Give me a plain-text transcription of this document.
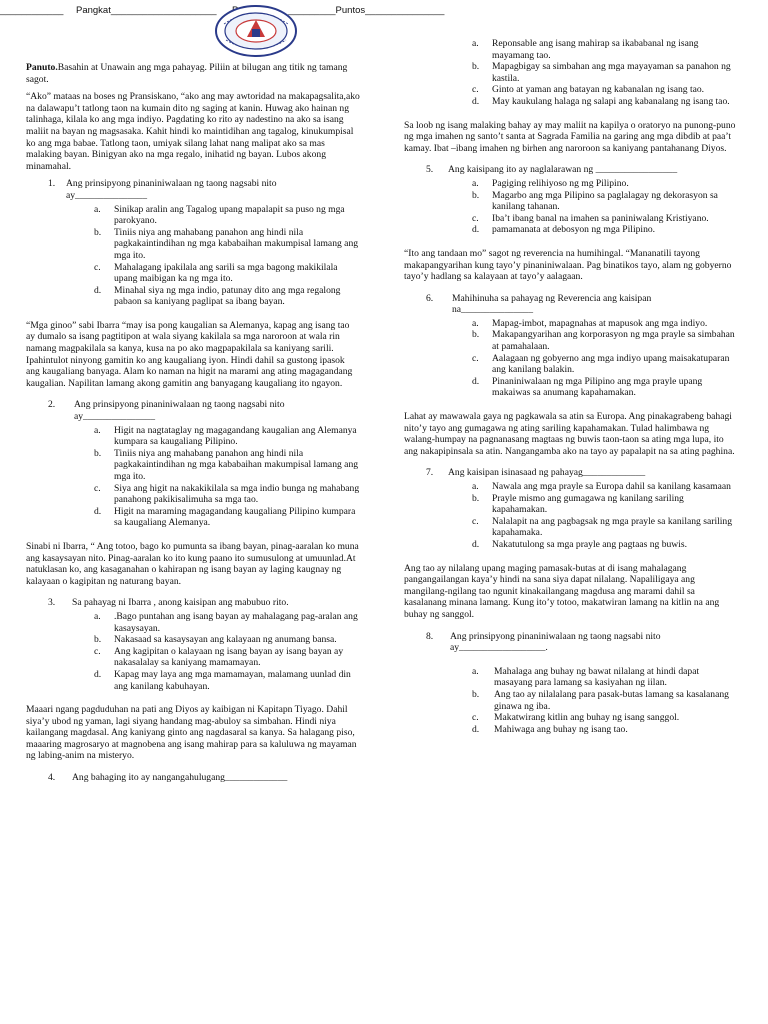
____________ Pangkat____________________	_________Puntos_______________

Panuto.Basahin at Unawain ang mga pahayag. Piliin at bilugan ang titik ng tamang sagot.

“Ako” mataas na boses ng Pransiskano, “ako ang may awtoridad na makapagsalita,ako na dalawapu’t tatlong taon na kumain dito ng saging at kanin. Huwag ako hainan ng talinhaga, kilala ko ang mga indiyo. Pagdating ko rito ay nadestino na ako sa isang maliit na bayan ng magsasaka. Kahit hindi ko maintidihan ang tagalog, kinukumpisal ko ang mga babae. Tatlong taon, umiyak silang lahat nang malipat ako sa mas malaking bayan. Binigyan ako na mga regalo, inihatid ng bayan. Lubos akong minamahal.

1. Ang prinsipyong pinaniniwalaan ng taong nagsabi nito ay_______________

a. Sinikap aralin ang Tagalog upang mapalapit sa puso ng mga parokyano.
b. Tiniis niya ang mahabang panahon ang hindi nila pagkakaintindihan ng mga kababaihan makumpisal lamang ang mga ito.
c. Mahalagang ipakilala ang sarili sa mga bagong makikilala upang maibigan ka ng mga ito.
d. Minahal siya ng mga indio, patunay dito ang mga regalong pabaon sa kaniyang paglipat sa ibang bayan.

“Mga ginoo” sabi Ibarra “may isa pong kaugalian sa Alemanya, kapag ang isang tao ay dumalo sa isang pagtitipon at wala siyang kakilala sa mga naroroon at wala rin namang magpakilala sa kanya, kusa na po ako magpapakilala sa kaniyang sarili. Ipahintulot ninyong gamitin ko ang kaugaliang iyon. Hindi dahil sa gustong ipasok ang kaugaliang banyaga. Alam ko naman na higit na marami ang ating magagandang kaugalian. Napilitan lamang akong gamitin ang banyagang kaugaliang ito ngayon.

2. Ang prinsipyong pinaniniwalaan ng taong nagsabi nito ay_______________

a. Higit na nagtataglay ng magagandang kaugalian ang Alemanya kumpara sa kaugaliang Pilipino.
b. Tiniis niya ang mahabang panahon ang hindi nila pagkakaintindihan ng mga kababaihan makumpisal lamang ang mga ito.
c. Siya ang higit na nakakikilala sa mga indio bunga ng mahabang panahong pakikisalimuha sa mga tao.
d. Higit na maraming magagandang kaugaliang Pilipino kumpara sa kaugaliang Alemanya.

Sinabi ni Ibarra, “ Ang totoo, bago ko pumunta sa ibang bayan, pinag-aaralan ko muna ang kasaysayan nito. Pinag-aaralan ko ito kung paano ito sumusulong at umuunlad.At natuklasan ko, ang kasaganahan o kahirapan ng isang bayan ay laging kaugnay ng kalayaan o kagipitan ng naturang bayan.

3. Sa pahayag ni Ibarra , anong kaisipan ang mabubuo rito.

a. .Bago puntahan ang isang bayan ay mahalagang pag-aralan ang kasaysayan.
b. Nakasaad sa kasaysayan ang kalayaan ng anumang bansa.
c. Ang kagipitan o kalayaan ng isang bayan ay isang bayan ay nakasalalay sa kaniyang mamamayan.
d. Kapag may laya ang mga mamamayan, malamang uunlad din ang kanilang kabuhayan.

Maaari ngang pagduduhan na pati ang Diyos ay kaibigan ni Kapitapn Tiyago. Dahil siya’y ubod ng yaman, lagi siyang handang mag-abuloy sa simbahan. Hindi niya kailangang magdasal. Ang kaniyang ginto ang nagdasaral sa kanya. Sa halagang piso, maaaring magrosaryo at magnobena ang isang mahirap para sa kaluluwa ng mayaman ng labing-anim na misteryo.

4. Ang bahaging ito ay nangangahulugang_____________

a. Reponsable ang isang mahirap sa ikababanal ng isang mayamang tao.
b. Mapagbigay sa simbahan ang mga mayayaman sa panahon ng kastila.
c. Ginto at yaman ang batayan ng kabanalan ng isang tao.
d. May kaukulang halaga ng salapi ang kabanalang ng isang tao.

Sa loob ng isang malaking bahay ay may maliit na kapilya o oratoryo na punong-puno ng mga imahen ng santo’t santa at Sagrada Familia na garing ang mga dibdib at paa’t kamay. Ibat –ibang imahen ng birhen ang naroroon sa kaniyang pantahanang Diyos.

5. Ang kaisipang ito ay naglalarawan ng _________________

a. Pagiging relihiyoso ng mg Pilipino.
b. Magarbo ang mga Pilipino sa paglalagay ng dekorasyon sa kanilang tahanan.
c. Iba’t ibang banal na imahen sa paniniwalang Kristiyano.
d. pamamanata at debosyon ng mga Pilipino.

“Ito ang tandaan mo” sagot ng reverencia na humihingal. “Mananatili tayong makapangyarihan kung tayo’y pinaniniwalaan. Pag binatikos tayo, alam ng gobyerno tayo’y hadlang sa kalayaan at tayo’y aalagaan.

6. Mahihinuha sa pahayag ng Reverencia ang kaisipan na_______________

a. Mapag-imbot, mapagnahas at mapusok ang mga indiyo.
b. Makapangyarihan ang korporasyon ng mga prayle sa simbahan at pamahalaan.
c. Aalagaan ng gobyerno ang mga indiyo upang maisakatuparan ang kanilang balakin.
d. Pinaniniwalaan ng mga Pilipino ang mga prayle upang makaiwas sa anumang kapahamakan.

Lahat ay mawawala gaya ng pagkawala sa atin sa Europa. Ang pinakagrabeng bahagi nito’y tayo ang gumagawa ng ating sariling kapahamakan. Tulad halimbawa ng walang-humpay na pagnanasang magtaas ng buwis taon-taon sa ating mga lupa, ito ang nakapipinsala sa atin. Nangangamba ako na tayo ay papalapit na sa ating paghina.

7. Ang kaisipan isinasaad ng pahayag_____________

a. Nawala ang mga prayle sa Europa dahil sa kanilang kasamaan
b. Prayle mismo ang gumagawa ng kanilang sariling kapahamakan.
c. Nalalapit na ang pagbagsak ng mga prayle sa kanilang sariling kapahamaka.
d. Nakatutulong sa mga prayle ang pagtaas ng buwis.

Ang tao ay nilalang upang maging pamasak-butas at di isang mahalagang pangangailangan kaya’y hindi na sana siya dapat nilalang. Napaliligaya ang mangilang-ngilang tao ngunit kinakailangang magdusa ang marami dahil sa kasalanang minana lamang. Kung ito’y totoo, makatwiran lamang na kitlin na ang buhay ng sanggol.

8. Ang prinsipyong pinaniniwalaan ng taong nagsabi nito ay__________________.

a. Mahalaga ang buhay ng bawat nilalang at hindi dapat masayang para lamang sa kasiyahan ng iilan.
b. Ang tao ay nilalalang para pasak-butas lamang sa kasalanang ginawa ng iba.
c. Makatwirang kitlin ang buhay ng isang sanggol.
d. Mahiwaga ang buhay ng isang tao.
